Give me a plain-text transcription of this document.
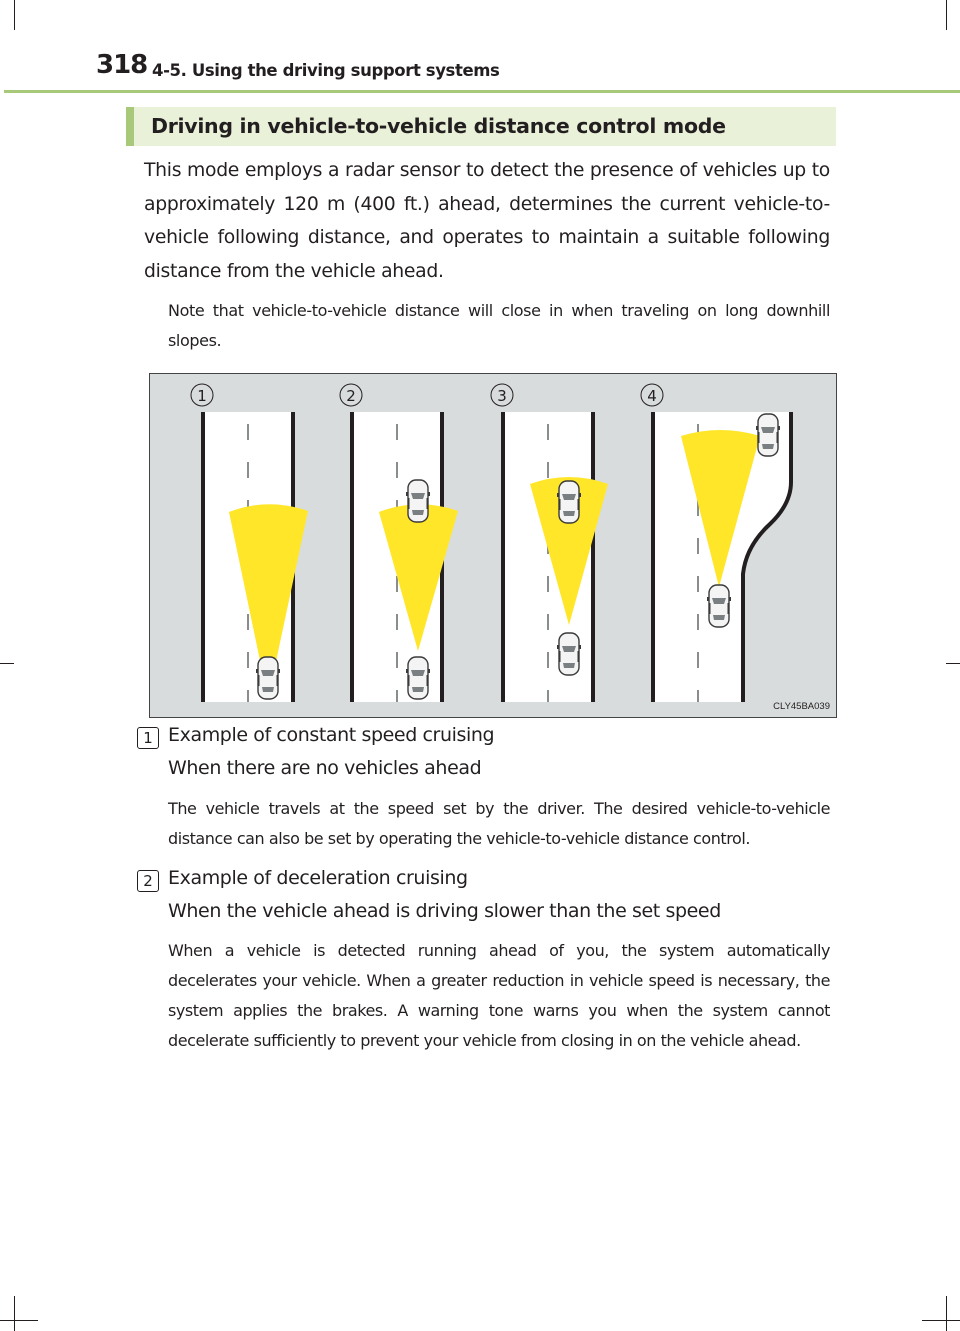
318 4-5. Using the driving support systems
Driving in vehicle-to-vehicle distance control mode

This mode employs a radar sensor to detect the presence of vehicles up to approximately 120 m (400 ft.) ahead, determines the current vehicle-to-vehicle following distance, and operates to maintain a suitable following distance from the vehicle ahead.

Note that vehicle-to-vehicle distance will close in when traveling on long downhill slopes.

1	2	3	4
CLY45BA039
1 Example of constant speed cruising

When there are no vehicles ahead

The vehicle travels at the speed set by the driver. The desired vehicle-to-vehicle distance can also be set by operating the vehicle-to-vehicle distance control.

2 Example of deceleration cruising

When the vehicle ahead is driving slower than the set speed

When a vehicle is detected running ahead of you, the system automatically decelerates your vehicle. When a greater reduction in vehicle speed is necessary, the system applies the brakes. A warning tone warns you when the system cannot decelerate sufficiently to prevent your vehicle from closing in on the vehicle ahead.
